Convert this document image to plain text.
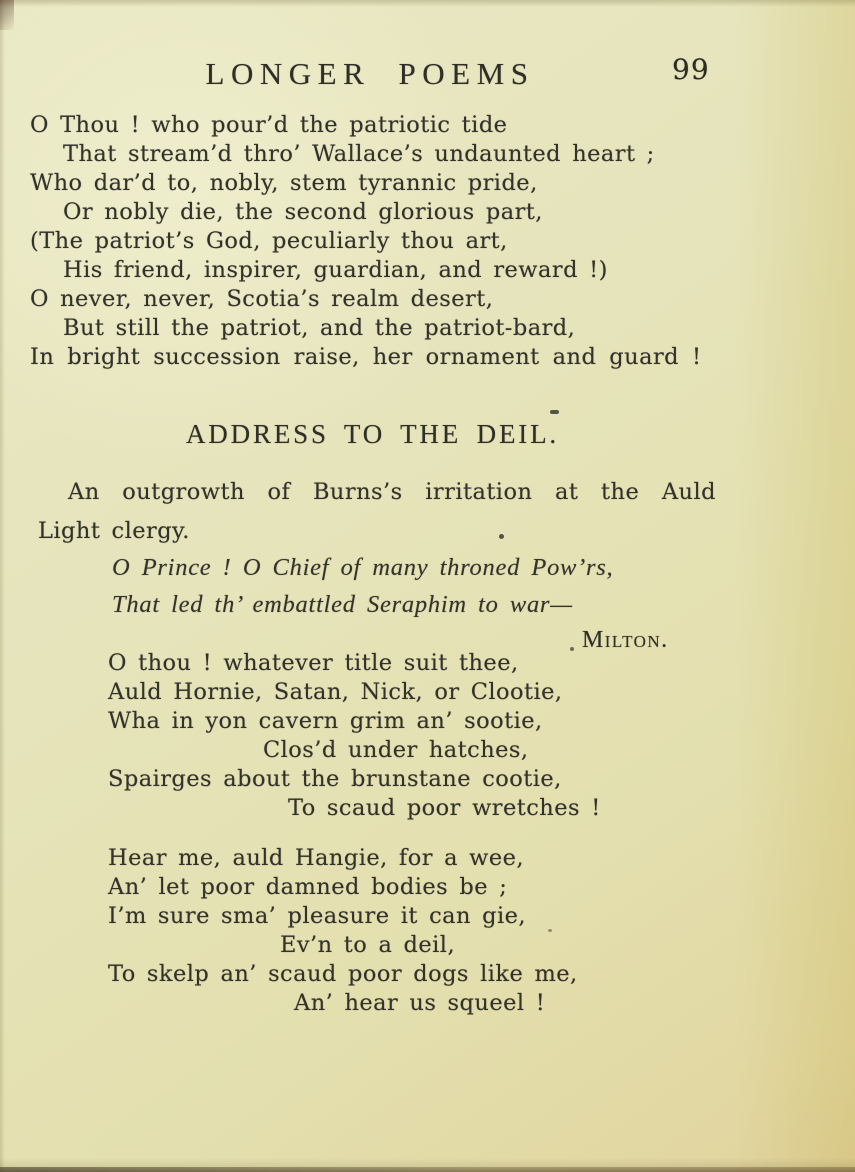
LONGER POEMS	99
O Thou ! who pour’d the patriotic tide
That stream’d thro’ Wallace’s undaunted heart ;
Who dar’d to, nobly, stem tyrannic pride,
Or nobly die, the second glorious part,
(The patriot’s God, peculiarly thou art,
His friend, inspirer, guardian, and reward !)
O never, never, Scotia’s realm desert,
But still the patriot, and the patriot-bard,
In bright succession raise, her ornament and guard !
ADDRESS TO THE DEIL.
An outgrowth of Burns’s irritation at the Auld
Light clergy.
O Prince ! O Chief of many throned Pow’rs,
That led th’ embattled Seraphim to war—
Milton.
O thou ! whatever title suit thee,
Auld Hornie, Satan, Nick, or Clootie,
Wha in yon cavern grim an’ sootie,
Clos’d under hatches,
Spairges about the brunstane cootie,
To scaud poor wretches !
Hear me, auld Hangie, for a wee,
An’ let poor damned bodies be ;
I’m sure sma’ pleasure it can gie,
Ev’n to a deil,
To skelp an’ scaud poor dogs like me,
An’ hear us squeel !
